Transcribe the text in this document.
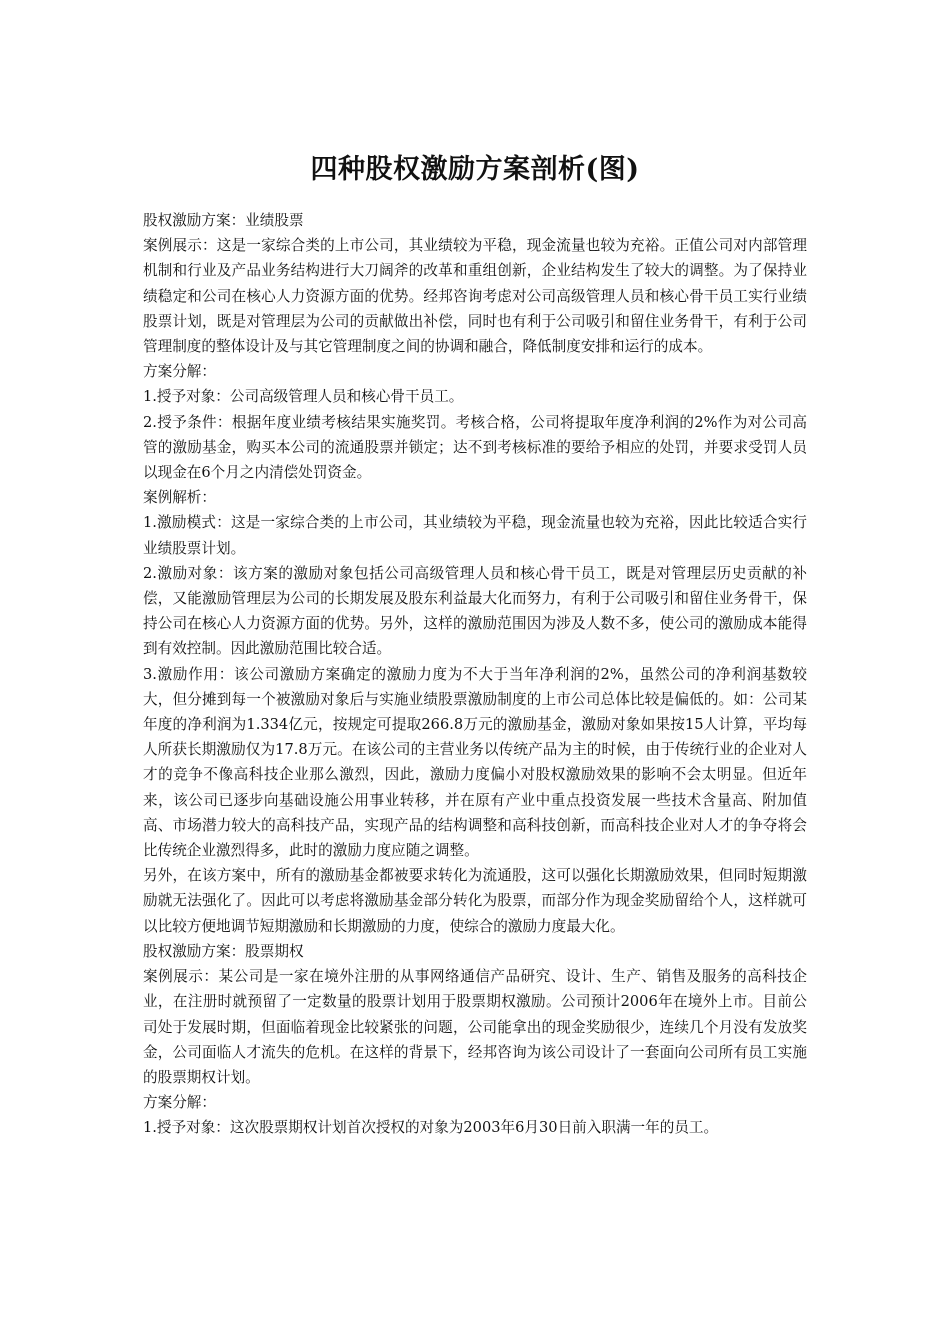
四种股权激励方案剖析(图)

股权激励方案：业绩股票

案例展示：这是一家综合类的上市公司，其业绩较为平稳，现金流量也较为充裕。正值公司对内部管理机制和行业及产品业务结构进行大刀阔斧的改革和重组创新，企业结构发生了较大的调整。为了保持业绩稳定和公司在核心人力资源方面的优势。经邦咨询考虑对公司高级管理人员和核心骨干员工实行业绩股票计划，既是对管理层为公司的贡献做出补偿，同时也有利于公司吸引和留住业务骨干，有利于公司管理制度的整体设计及与其它管理制度之间的协调和融合，降低制度安排和运行的成本。

方案分解：

1.授予对象：公司高级管理人员和核心骨干员工。

2.授予条件：根据年度业绩考核结果实施奖罚。考核合格，公司将提取年度净利润的2%作为对公司高管的激励基金，购买本公司的流通股票并锁定；达不到考核标准的要给予相应的处罚，并要求受罚人员以现金在6个月之内清偿处罚资金。

案例解析：

1.激励模式：这是一家综合类的上市公司，其业绩较为平稳，现金流量也较为充裕，因此比较适合实行业绩股票计划。

2.激励对象：该方案的激励对象包括公司高级管理人员和核心骨干员工，既是对管理层历史贡献的补偿，又能激励管理层为公司的长期发展及股东利益最大化而努力，有利于公司吸引和留住业务骨干，保持公司在核心人力资源方面的优势。另外，这样的激励范围因为涉及人数不多，使公司的激励成本能得到有效控制。因此激励范围比较合适。

3.激励作用：该公司激励方案确定的激励力度为不大于当年净利润的2%，虽然公司的净利润基数较大，但分摊到每一个被激励对象后与实施业绩股票激励制度的上市公司总体比较是偏低的。如：公司某年度的净利润为1.334亿元，按规定可提取266.8万元的激励基金，激励对象如果按15人计算，平均每人所获长期激励仅为17.8万元。在该公司的主营业务以传统产品为主的时候，由于传统行业的企业对人才的竞争不像高科技企业那么激烈，因此，激励力度偏小对股权激励效果的影响不会太明显。但近年来，该公司已逐步向基础设施公用事业转移，并在原有产业中重点投资发展一些技术含量高、附加值高、市场潜力较大的高科技产品，实现产品的结构调整和高科技创新，而高科技企业对人才的争夺将会比传统企业激烈得多，此时的激励力度应随之调整。

另外，在该方案中，所有的激励基金都被要求转化为流通股，这可以强化长期激励效果，但同时短期激励就无法强化了。因此可以考虑将激励基金部分转化为股票，而部分作为现金奖励留给个人，这样就可以比较方便地调节短期激励和长期激励的力度，使综合的激励力度最大化。

股权激励方案：股票期权

案例展示：某公司是一家在境外注册的从事网络通信产品研究、设计、生产、销售及服务的高科技企业，在注册时就预留了一定数量的股票计划用于股票期权激励。公司预计2006年在境外上市。目前公司处于发展时期，但面临着现金比较紧张的问题，公司能拿出的现金奖励很少，连续几个月没有发放奖金，公司面临人才流失的危机。在这样的背景下，经邦咨询为该公司设计了一套面向公司所有员工实施的股票期权计划。

方案分解：

1.授予对象：这次股票期权计划首次授权的对象为2003年6月30日前入职满一年的员工。
